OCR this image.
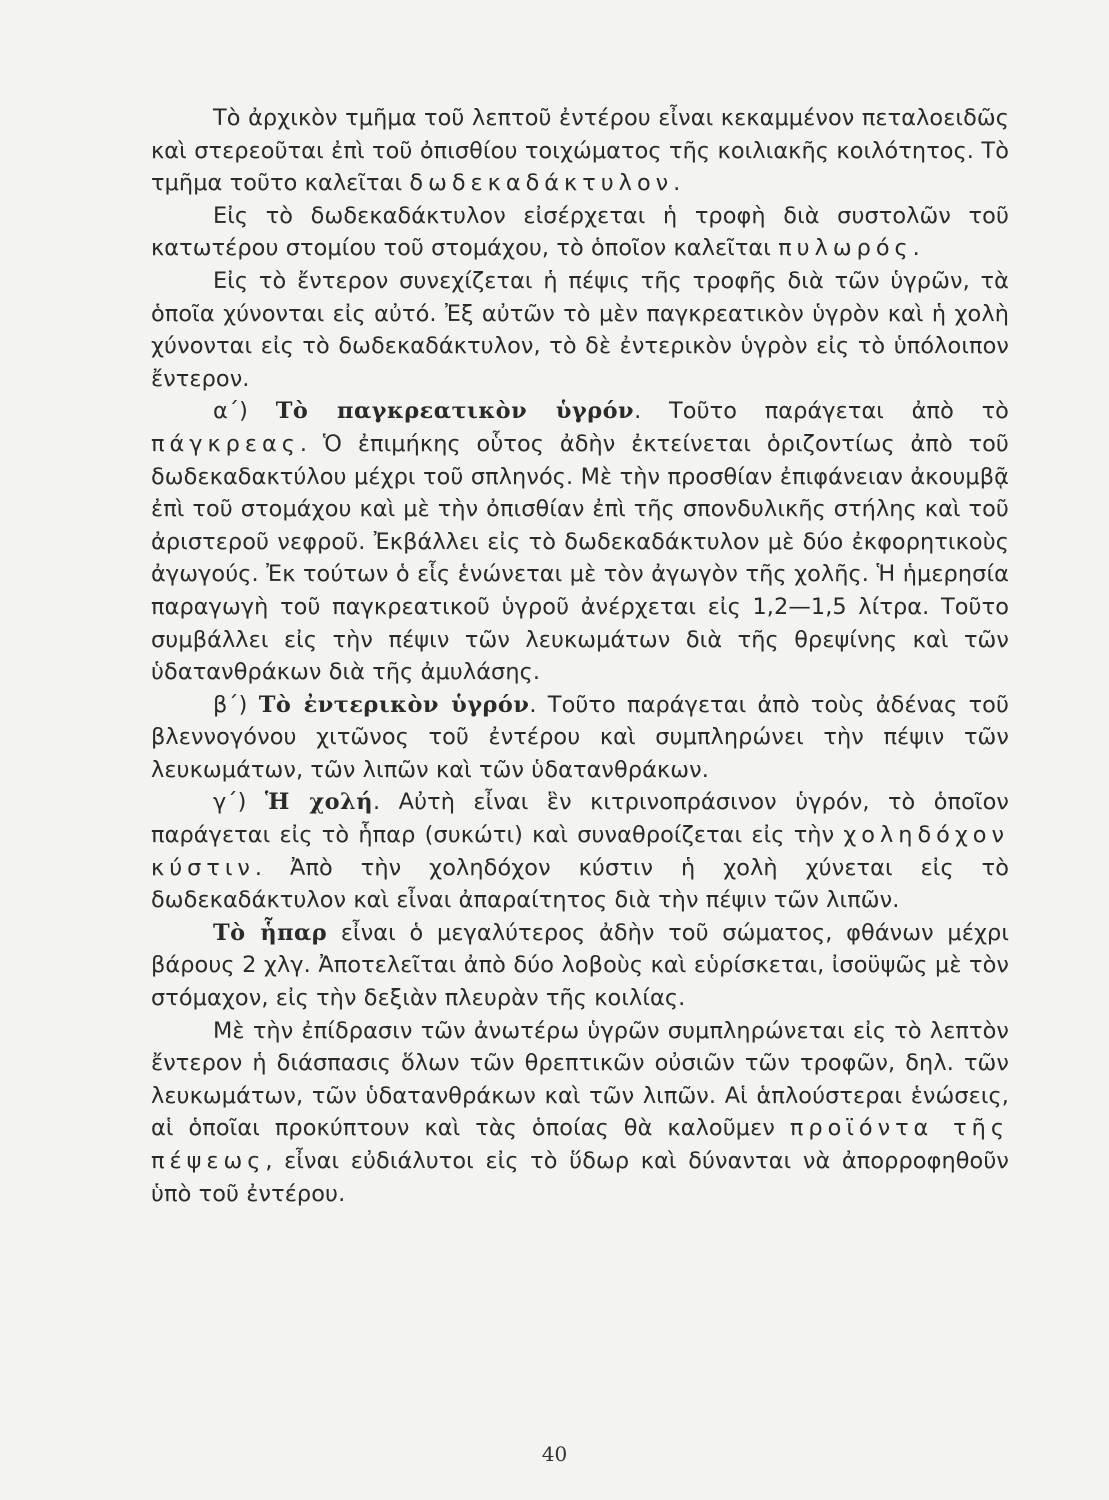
Τὸ ἀρχικὸν τμῆμα τοῦ λεπτοῦ ἐντέρου εἶναι κεκαμμένον πεταλοειδῶς καὶ στερεοῦται ἐπὶ τοῦ ὀπισθίου τοιχώματος τῆς κοιλιακῆς κοιλότητος. Τὸ τμῆμα τοῦτο καλεῖται δωδεκαδάκτυλον.

Εἰς τὸ δωδεκαδάκτυλον εἰσέρχεται ἡ τροφὴ διὰ συστολῶν τοῦ κατωτέρου στομίου τοῦ στομάχου, τὸ ὁποῖον καλεῖται πυλωρός.

Εἰς τὸ ἔντερον συνεχίζεται ἡ πέψις τῆς τροφῆς διὰ τῶν ὑγρῶν, τὰ ὁποῖα χύνονται εἰς αὐτό. Ἐξ αὐτῶν τὸ μὲν παγκρεατικὸν ὑγρὸν καὶ ἡ χολὴ χύνονται εἰς τὸ δωδεκαδάκτυλον, τὸ δὲ ἐντερικὸν ὑγρὸν εἰς τὸ ὑπόλοιπον ἔντερον.

α΄) Τὸ παγκρεατικὸν ὑγρόν. Τοῦτο παράγεται ἀπὸ τὸ πάγκρεας. Ὁ ἐπιμήκης οὗτος ἀδὴν ἐκτείνεται ὁριζοντίως ἀπὸ τοῦ δωδεκαδακτύλου μέχρι τοῦ σπληνός. Μὲ τὴν προσθίαν ἐπιφάνειαν ἀκουμβᾷ ἐπὶ τοῦ στομάχου καὶ μὲ τὴν ὀπισθίαν ἐπὶ τῆς σπονδυλικῆς στήλης καὶ τοῦ ἀριστεροῦ νεφροῦ. Ἐκβάλλει εἰς τὸ δωδεκαδάκτυλον μὲ δύο ἐκφορητικοὺς ἀγωγούς. Ἐκ τούτων ὁ εἷς ἑνώνεται μὲ τὸν ἀγωγὸν τῆς χολῆς. Ἡ ἡμερησία παραγωγὴ τοῦ παγκρεατικοῦ ὑγροῦ ἀνέρχεται εἰς 1,2—1,5 λίτρα. Τοῦτο συμβάλλει εἰς τὴν πέψιν τῶν λευκωμάτων διὰ τῆς θρεψίνης καὶ τῶν ὑδατανθράκων διὰ τῆς ἀμυλάσης.

β΄) Τὸ ἐντερικὸν ὑγρόν. Τοῦτο παράγεται ἀπὸ τοὺς ἀδένας τοῦ βλεννογόνου χιτῶνος τοῦ ἐντέρου καὶ συμπληρώνει τὴν πέψιν τῶν λευκωμάτων, τῶν λιπῶν καὶ τῶν ὑδατανθράκων.

γ΄) Ἡ χολή. Αὐτὴ εἶναι ἓν κιτρινοπράσινον ὑγρόν, τὸ ὁποῖον παράγεται εἰς τὸ ἧπαρ (συκώτι) καὶ συναθροίζεται εἰς τὴν χοληδόχον κύστιν. Ἀπὸ τὴν χοληδόχον κύστιν ἡ χολὴ χύνεται εἰς τὸ δωδεκαδάκτυλον καὶ εἶναι ἀπαραίτητος διὰ τὴν πέψιν τῶν λιπῶν.

Τὸ ἧπαρ εἶναι ὁ μεγαλύτερος ἀδὴν τοῦ σώματος, φθάνων μέχρι βάρους 2 χλγ. Ἀποτελεῖται ἀπὸ δύο λοβοὺς καὶ εὑρίσκεται, ἰσοϋψῶς μὲ τὸν στόμαχον, εἰς τὴν δεξιὰν πλευρὰν τῆς κοιλίας.

Μὲ τὴν ἐπίδρασιν τῶν ἀνωτέρω ὑγρῶν συμπληρώνεται εἰς τὸ λεπτὸν ἔντερον ἡ διάσπασις ὅλων τῶν θρεπτικῶν οὐσιῶν τῶν τροφῶν, δηλ. τῶν λευκωμάτων, τῶν ὑδατανθράκων καὶ τῶν λιπῶν. Αἱ ἁπλούστεραι ἑνώσεις, αἱ ὁποῖαι προκύπτουν καὶ τὰς ὁποίας θὰ καλοῦμεν προϊόντα τῆς πέψεως, εἶναι εὐδιάλυτοι εἰς τὸ ὕδωρ καὶ δύνανται νὰ ἀπορροφηθοῦν ὑπὸ τοῦ ἐντέρου.

40
